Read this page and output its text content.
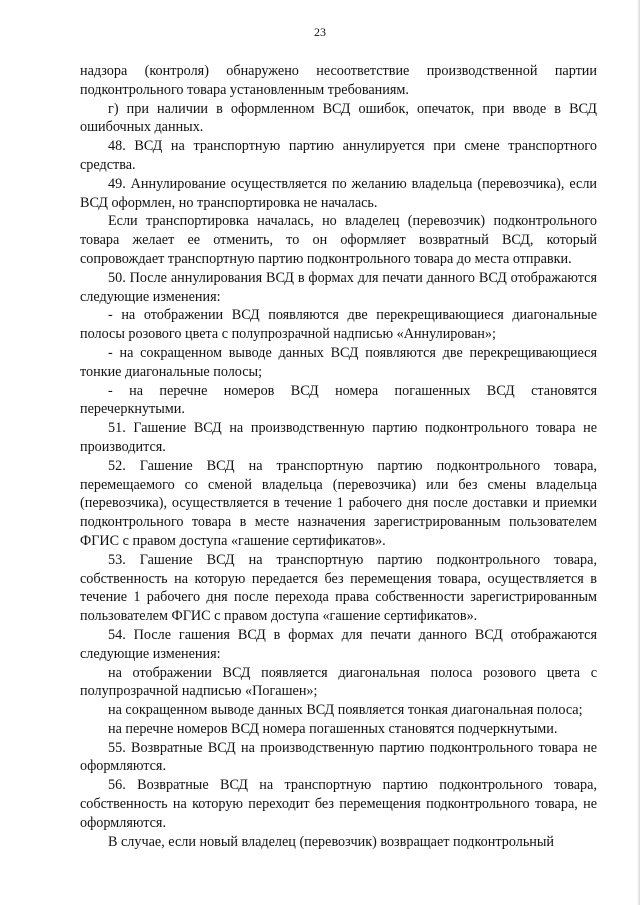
23

надзора (контроля) обнаружено несоответствие производственной партии подконтрольного товара установленным требованиям.

г) при наличии в оформленном ВСД ошибок, опечаток, при вводе в ВСД ошибочных данных.

48. ВСД на транспортную партию аннулируется при смене транспортного средства.

49. Аннулирование осуществляется по желанию владельца (перевозчика), если ВСД оформлен, но транспортировка не началась.

Если транспортировка началась, но владелец (перевозчик) подконтрольного товара желает ее отменить, то он оформляет возвратный ВСД, который сопровождает транспортную партию подконтрольного товара до места отправки.

50. После аннулирования ВСД в формах для печати данного ВСД отображаются следующие изменения:

- на отображении ВСД появляются две перекрещивающиеся диагональные полосы розового цвета с полупрозрачной надписью «Аннулирован»;

- на сокращенном выводе данных ВСД появляются две перекрещивающиеся тонкие диагональные полосы;

- на перечне номеров ВСД номера погашенных ВСД становятся перечеркнутыми.

51. Гашение ВСД на производственную партию подконтрольного товара не производится.

52. Гашение ВСД на транспортную партию подконтрольного товара, перемещаемого со сменой владельца (перевозчика) или без смены владельца (перевозчика), осуществляется в течение 1 рабочего дня после доставки и приемки подконтрольного товара в месте назначения зарегистрированным пользователем ФГИС с правом доступа «гашение сертификатов».

53. Гашение ВСД на транспортную партию подконтрольного товара, собственность на которую передается без перемещения товара, осуществляется в течение 1 рабочего дня после перехода права собственности зарегистрированным пользователем ФГИС с правом доступа «гашение сертификатов».

54. После гашения ВСД в формах для печати данного ВСД отображаются следующие изменения:

на отображении ВСД появляется диагональная полоса розового цвета с полупрозрачной надписью «Погашен»;

на сокращенном выводе данных ВСД появляется тонкая диагональная полоса;

на перечне номеров ВСД номера погашенных становятся подчеркнутыми.

55. Возвратные ВСД на производственную партию подконтрольного товара не оформляются.

56. Возвратные ВСД на транспортную партию подконтрольного товара, собственность на которую переходит без перемещения подконтрольного товара, не оформляются.

В случае, если новый владелец (перевозчик) возвращает подконтрольный
